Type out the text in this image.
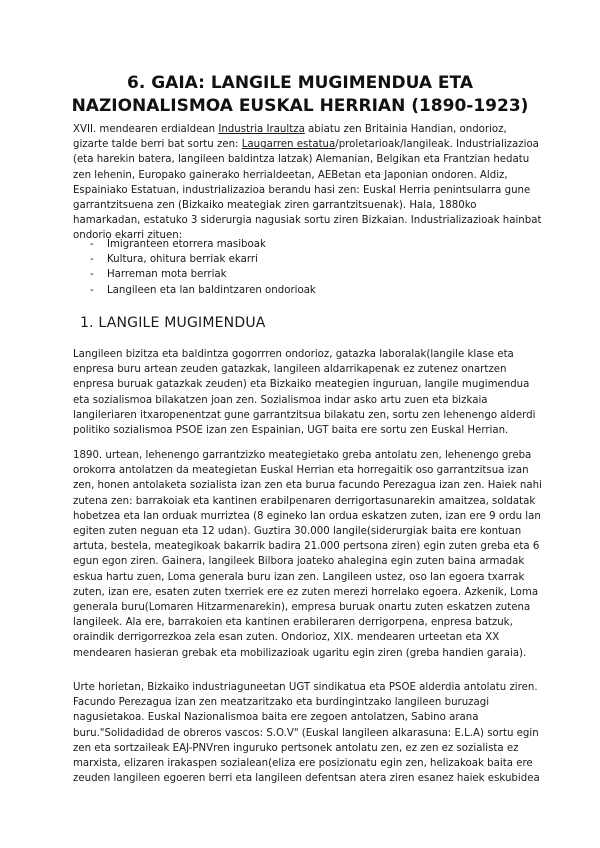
6. GAIA: LANGILE MUGIMENDUA ETA NAZIONALISMOA EUSKAL HERRIAN (1890-1923)

XVII. mendearen erdialdean Industria Iraultza abiatu zen Britainia Handian, ondorioz, gizarte talde berri bat sortu zen: Laugarren estatua/proletarioak/langileak. Industrializazioa (eta harekin batera, langileen baldintza latzak) Alemanian, Belgikan eta Frantzian hedatu zen lehenin, Europako gainerako herrialdeetan, AEBetan eta Japonian ondoren. Aldiz, Espainiako Estatuan, industrializazioa berandu hasi zen: Euskal Herria penintsularra gune garrantzitsuena zen (Bizkaiko meategiak ziren garrantzitsuenak). Hala, 1880ko hamarkadan, estatuko 3 siderurgia nagusiak sortu ziren Bizkaian. Industrializazioak hainbat ondorio ekarri zituen:

- Imigranteen etorrera masiboak
- Kultura, ohitura berriak ekarri
- Harreman mota berriak
- Langileen eta lan baldintzaren ondorioak
1. LANGILE MUGIMENDUA

Langileen bizitza eta baldintza gogorrren ondorioz, gatazka laboralak(langile klase eta enpresa buru artean zeuden gatazkak, langileen aldarrikapenak ez zutenez onartzen enpresa buruak gatazkak zeuden) eta Bizkaiko meategien inguruan, langile mugimendua eta sozialismoa bilakatzen joan zen. Sozialismoa indar asko artu zuen eta bizkaia langileriaren itxaropenentzat gune garrantzitsua bilakatu zen, sortu zen lehenengo alderdi politiko sozialismoa PSOE izan zen Espainian, UGT baita ere sortu zen Euskal Herrian.

1890. urtean, lehenengo garrantzizko meategietako greba antolatu zen, lehenengo greba orokorra antolatzen da meategietan Euskal Herrian eta horregaitik oso garrantzitsua izan zen, honen antolaketa sozialista izan zen eta burua facundo Perezagua izan zen. Haiek nahi zutena zen: barrakoiak eta kantinen erabilpenaren derrigortasunarekin amaitzea, soldatak hobetzea eta lan orduak murriztea (8 egineko lan ordua eskatzen zuten, izan ere 9 ordu lan egiten zuten neguan eta 12 udan). Guztira 30.000 langile(siderurgiak baita ere kontuan artuta, bestela, meategikoak bakarrik badira 21.000 pertsona ziren) egin zuten greba eta 6 egun egon ziren. Gainera, langileek Bilbora joateko ahalegina egin zuten baina armadak eskua hartu zuen, Loma generala buru izan zen. Langileen ustez, oso lan egoera txarrak zuten, izan ere, esaten zuten txerriek ere ez zuten merezi horrelako egoera. Azkenik, Loma generala buru(Lomaren Hitzarmenarekin), empresa buruak onartu zuten eskatzen zutena langileek. Ala ere, barrakoien eta kantinen erabileraren derrigorpena, enpresa batzuk, oraindik derrigorrezkoa zela esan zuten. Ondorioz, XIX. mendearen urteetan eta XX mendearen hasieran grebak eta mobilizazioak ugaritu egin ziren (greba handien garaia).

Urte horietan, Bizkaiko industriaguneetan UGT sindikatua eta PSOE alderdia antolatu ziren. Facundo Perezagua izan zen meatzaritzako eta burdingintzako langileen buruzagi nagusietakoa. Euskal Nazionalismoa baita ere zegoen antolatzen, Sabino arana buru."Solidadidad de obreros vascos: S.O.V" (Euskal langileen alkarasuna: E.L.A) sortu egin zen eta sortzaileak EAJ-PNVren inguruko pertsonek antolatu zen, ez zen ez sozialista ez marxista, elizaren irakaspen sozialean(eliza ere posizionatu egin zen, helizakoak baita ere zeuden langileen egoeren berri eta langileen defentsan atera ziren esanez haiek eskubidea
